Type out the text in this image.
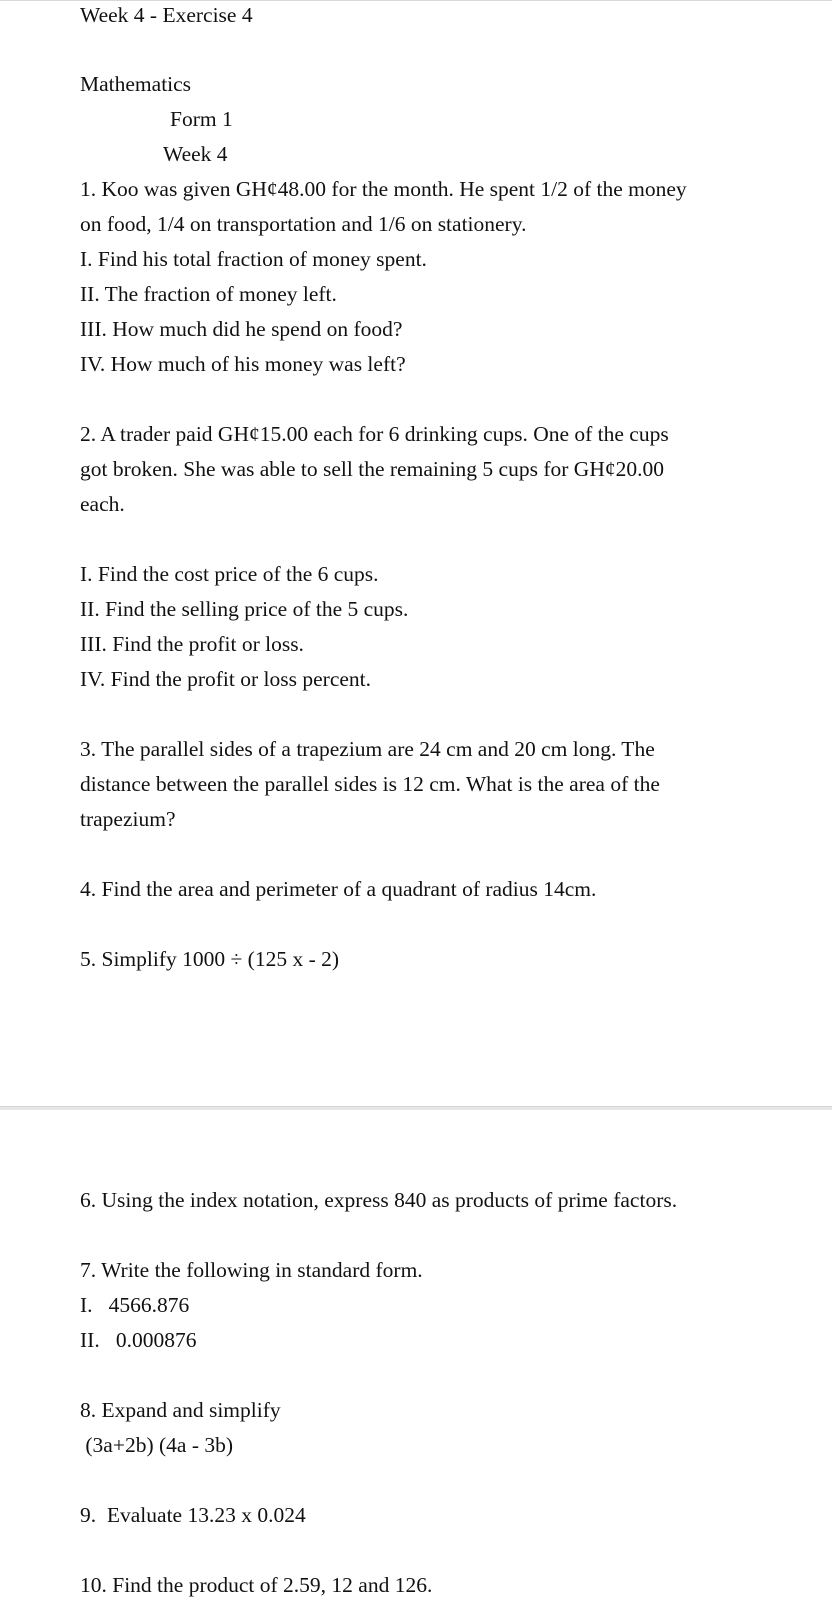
Week 4 - Exercise 4

Mathematics

Form 1

Week 4

1. Koo was given GH¢48.00 for the month. He spent 1/2 of the money

on food, 1/4 on transportation and 1/6 on stationery.

I. Find his total fraction of money spent.

II. The fraction of money left.

III. How much did he spend on food?

IV. How much of his money was left?

2. A trader paid GH¢15.00 each for 6 drinking cups. One of the cups

got broken. She was able to sell the remaining 5 cups for GH¢20.00

each.

I. Find the cost price of the 6 cups.

II. Find the selling price of the 5 cups.

III. Find the profit or loss.

IV. Find the profit or loss percent.

3. The parallel sides of a trapezium are 24 cm and 20 cm long. The

distance between the parallel sides is 12 cm. What is the area of the

trapezium?

4. Find the area and perimeter of a quadrant of radius 14cm.

5. Simplify 1000 ÷ (125 x - 2)

6. Using the index notation, express 840 as products of prime factors.

7. Write the following in standard form.

I.   4566.876

II.   0.000876

8. Expand and simplify

(3a+2b) (4a - 3b)

9.  Evaluate 13.23 x 0.024

10. Find the product of 2.59, 12 and 126.
